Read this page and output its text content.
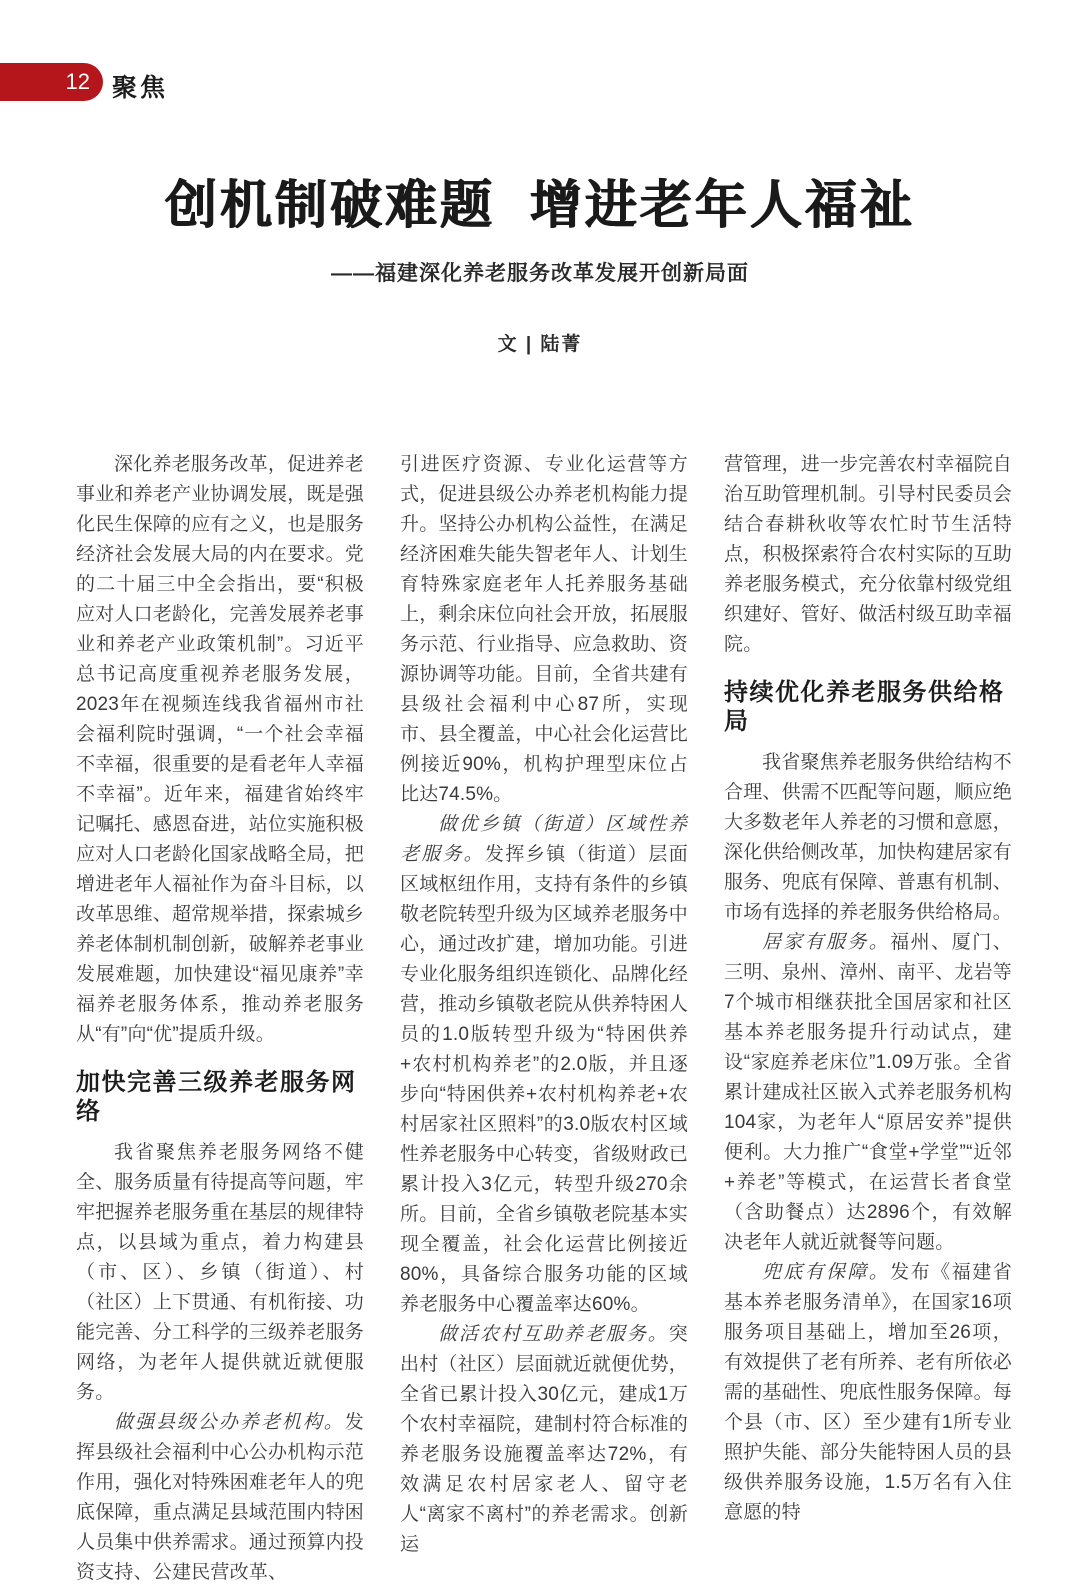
12 聚焦
创机制破难题  增进老年人福祉
——福建深化养老服务改革发展开创新局面
文 | 陆菁

深化养老服务改革，促进养老事业和养老产业协调发展，既是强化民生保障的应有之义，也是服务经济社会发展大局的内在要求。党的二十届三中全会指出，要“积极应对人口老龄化，完善发展养老事业和养老产业政策机制”。习近平总书记高度重视养老服务发展，2023年在视频连线我省福州市社会福利院时强调，“一个社会幸福不幸福，很重要的是看老年人幸福不幸福”。近年来，福建省始终牢记嘱托、感恩奋进，站位实施积极应对人口老龄化国家战略全局，把增进老年人福祉作为奋斗目标，以改革思维、超常规举措，探索城乡养老体制机制创新，破解养老事业发展难题，加快建设“福见康养”幸福养老服务体系，推动养老服务从“有”向“优”提质升级。

加快完善三级养老服务网络

我省聚焦养老服务网络不健全、服务质量有待提高等问题，牢牢把握养老服务重在基层的规律特点，以县域为重点，着力构建县（市、区）、乡镇（街道）、村（社区）上下贯通、有机衔接、功能完善、分工科学的三级养老服务网络，为老年人提供就近就便服务。

做强县级公办养老机构。发挥县级社会福利中心公办机构示范作用，强化对特殊困难老年人的兜底保障，重点满足县域范围内特困人员集中供养需求。通过预算内投资支持、公建民营改革、

引进医疗资源、专业化运营等方式，促进县级公办养老机构能力提升。坚持公办机构公益性，在满足经济困难失能失智老年人、计划生育特殊家庭老年人托养服务基础上，剩余床位向社会开放，拓展服务示范、行业指导、应急救助、资源协调等功能。目前，全省共建有县级社会福利中心87所，实现市、县全覆盖，中心社会化运营比例接近90%，机构护理型床位占比达74.5%。

做优乡镇（街道）区域性养老服务。发挥乡镇（街道）层面区域枢纽作用，支持有条件的乡镇敬老院转型升级为区域养老服务中心，通过改扩建，增加功能。引进专业化服务组织连锁化、品牌化经营，推动乡镇敬老院从供养特困人员的1.0版转型升级为“特困供养+农村机构养老”的2.0版，并且逐步向“特困供养+农村机构养老+农村居家社区照料”的3.0版农村区域性养老服务中心转变，省级财政已累计投入3亿元，转型升级270余所。目前，全省乡镇敬老院基本实现全覆盖，社会化运营比例接近80%，具备综合服务功能的区域养老服务中心覆盖率达60%。

做活农村互助养老服务。突出村（社区）层面就近就便优势，全省已累计投入30亿元，建成1万个农村幸福院，建制村符合标准的养老服务设施覆盖率达72%，有效满足农村居家老人、留守老人“离家不离村”的养老需求。创新运

营管理，进一步完善农村幸福院自治互助管理机制。引导村民委员会结合春耕秋收等农忙时节生活特点，积极探索符合农村实际的互助养老服务模式，充分依靠村级党组织建好、管好、做活村级互助幸福院。

持续优化养老服务供给格局

我省聚焦养老服务供给结构不合理、供需不匹配等问题，顺应绝大多数老年人养老的习惯和意愿，深化供给侧改革，加快构建居家有服务、兜底有保障、普惠有机制、市场有选择的养老服务供给格局。

居家有服务。福州、厦门、三明、泉州、漳州、南平、龙岩等7个城市相继获批全国居家和社区基本养老服务提升行动试点，建设“家庭养老床位”1.09万张。全省累计建成社区嵌入式养老服务机构104家，为老年人“原居安养”提供便利。大力推广“食堂+学堂”“近邻+养老”等模式，在运营长者食堂（含助餐点）达2896个，有效解决老年人就近就餐等问题。

兜底有保障。发布《福建省基本养老服务清单》，在国家16项服务项目基础上，增加至26项，有效提供了老有所养、老有所依必需的基础性、兜底性服务保障。每个县（市、区）至少建有1所专业照护失能、部分失能特困人员的县级供养服务设施，1.5万名有入住意愿的特
